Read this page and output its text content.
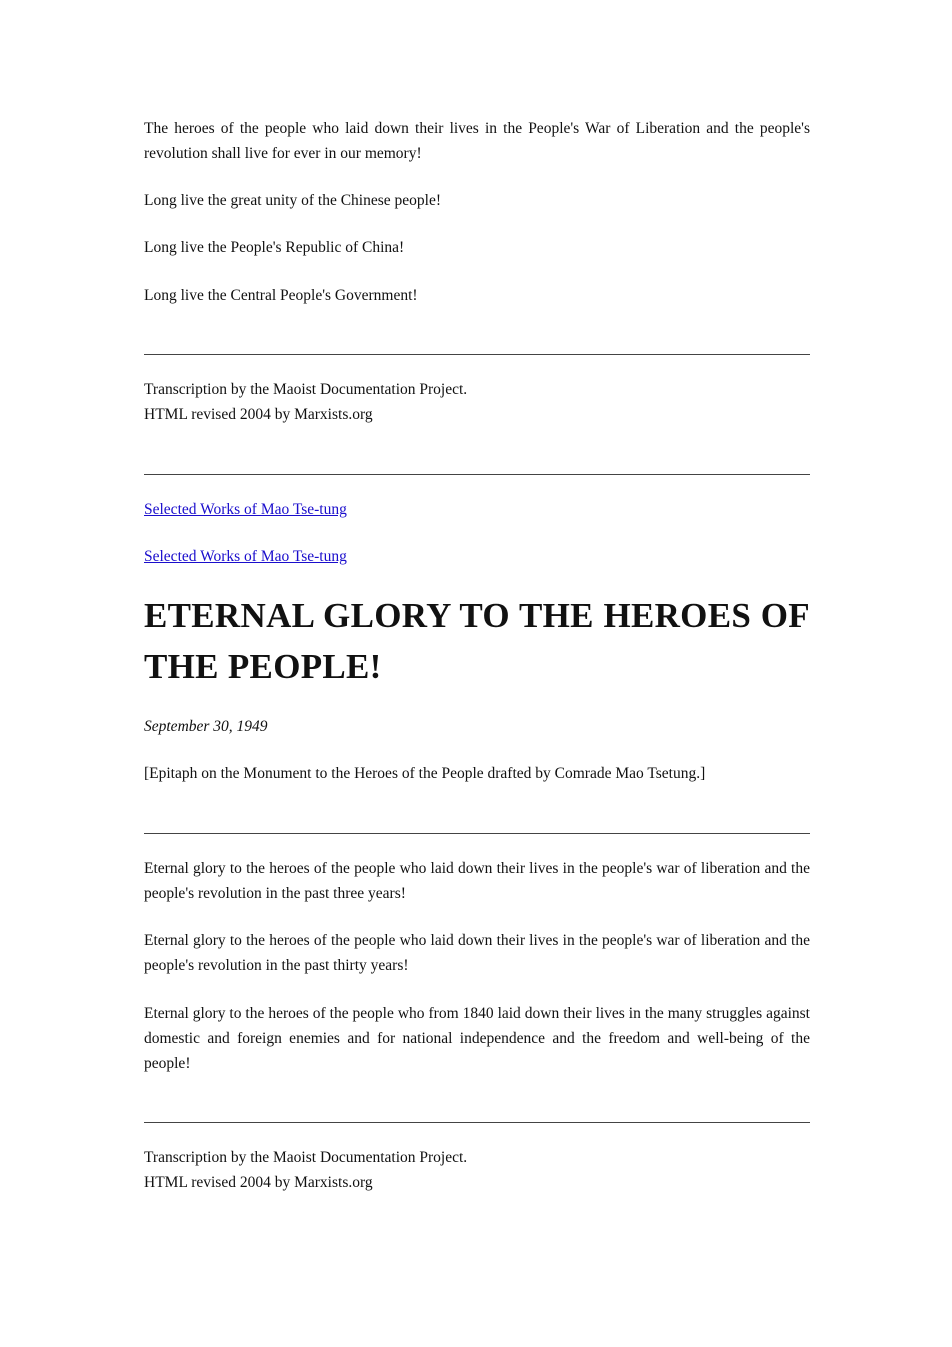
The heroes of the people who laid down their lives in the People's War of Liberation and the people's revolution shall live for ever in our memory!

Long live the great unity of the Chinese people!

Long live the People's Republic of China!

Long live the Central People's Government!

Transcription by the Maoist Documentation Project.
HTML revised 2004 by Marxists.org
Selected Works of Mao Tse-tung
Selected Works of Mao Tse-tung
ETERNAL GLORY TO THE HEROES OF THE PEOPLE!

September 30, 1949

[Epitaph on the Monument to the Heroes of the People drafted by Comrade Mao Tsetung.]

Eternal glory to the heroes of the people who laid down their lives in the people's war of liberation and the people's revolution in the past three years!

Eternal glory to the heroes of the people who laid down their lives in the people's war of liberation and the people's revolution in the past thirty years!

Eternal glory to the heroes of the people who from 1840 laid down their lives in the many struggles against domestic and foreign enemies and for national independence and the freedom and well-being of the people!

Transcription by the Maoist Documentation Project.
HTML revised 2004 by Marxists.org
